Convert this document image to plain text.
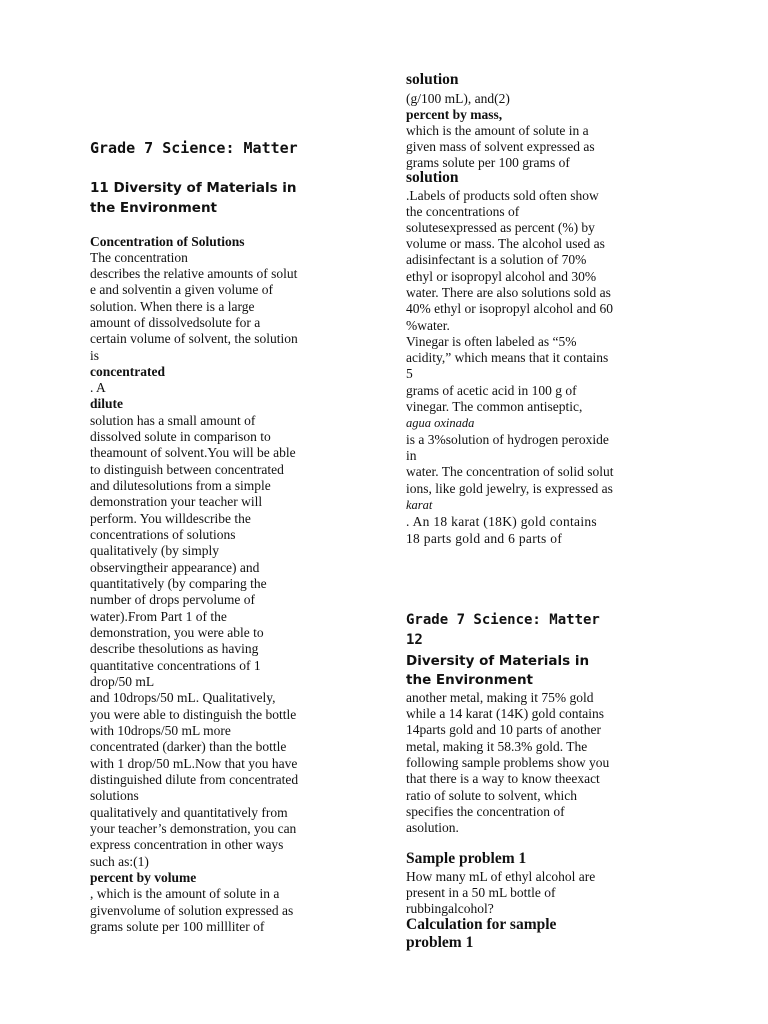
Grade 7 Science: Matter
11 Diversity of Materials in
the Environment
Concentration of Solutions
The concentration
describes the relative amounts of solut
e and solventin a given volume of
solution. When there is a large
amount of dissolvedsolute for a
certain volume of solvent, the solution
is
concentrated
. A
dilute
solution has a small amount of
dissolved solute in comparison to
theamount of solvent.You will be able
to distinguish between concentrated
and dilutesolutions from a simple
demonstration your teacher will
perform. You willdescribe the
concentrations of solutions
qualitatively (by simply
observingtheir appearance) and
quantitatively (by comparing the
number of drops pervolume of
water).From Part 1 of the
demonstration, you were able to
describe thesolutions as having
quantitative concentrations of 1
drop/50 mL
and 10drops/50 mL. Qualitatively,
you were able to distinguish the bottle
with 10drops/50 mL more
concentrated (darker) than the bottle
with 1 drop/50 mL.Now that you have
distinguished dilute from concentrated
solutions
qualitatively and quantitatively from
your teacher’s demonstration, you can
express concentration in other ways
such as:(1)
percent by volume
, which is the amount of solute in a
givenvolume of solution expressed as
grams solute per 100 millliter of
solution
(g/100 mL), and(2)
percent by mass,
which is the amount of solute in a
given mass of solvent expressed as
grams solute per 100 grams of
solution
.Labels of products sold often show
the concentrations of
solutesexpressed as percent (%) by
volume or mass. The alcohol used as
adisinfectant is a solution of 70%
ethyl or isopropyl alcohol and 30%
water. There are also solutions sold as
40% ethyl or isopropyl alcohol and 60
%water.
Vinegar is often labeled as “5%
acidity,” which means that it contains
5
grams of acetic acid in 100 g of
vinegar. The common antiseptic,
agua oxinada
is a 3%solution of hydrogen peroxide
in
water. The concentration of solid solut
ions, like gold jewelry, is expressed as
karat
. An 18 karat (18K) gold contains
18 parts gold and 6 parts of
Grade 7 Science: Matter
12
Diversity of Materials in
the Environment
another metal, making it 75% gold
while a 14 karat (14K) gold contains
14parts gold and 10 parts of another
metal, making it 58.3% gold. The
following sample problems show you
that there is a way to know theexact
ratio of solute to solvent, which
specifies the concentration of
asolution.
Sample problem 1
How many mL of ethyl alcohol are
present in a 50 mL bottle of
rubbingalcohol?
Calculation for sample
problem 1
